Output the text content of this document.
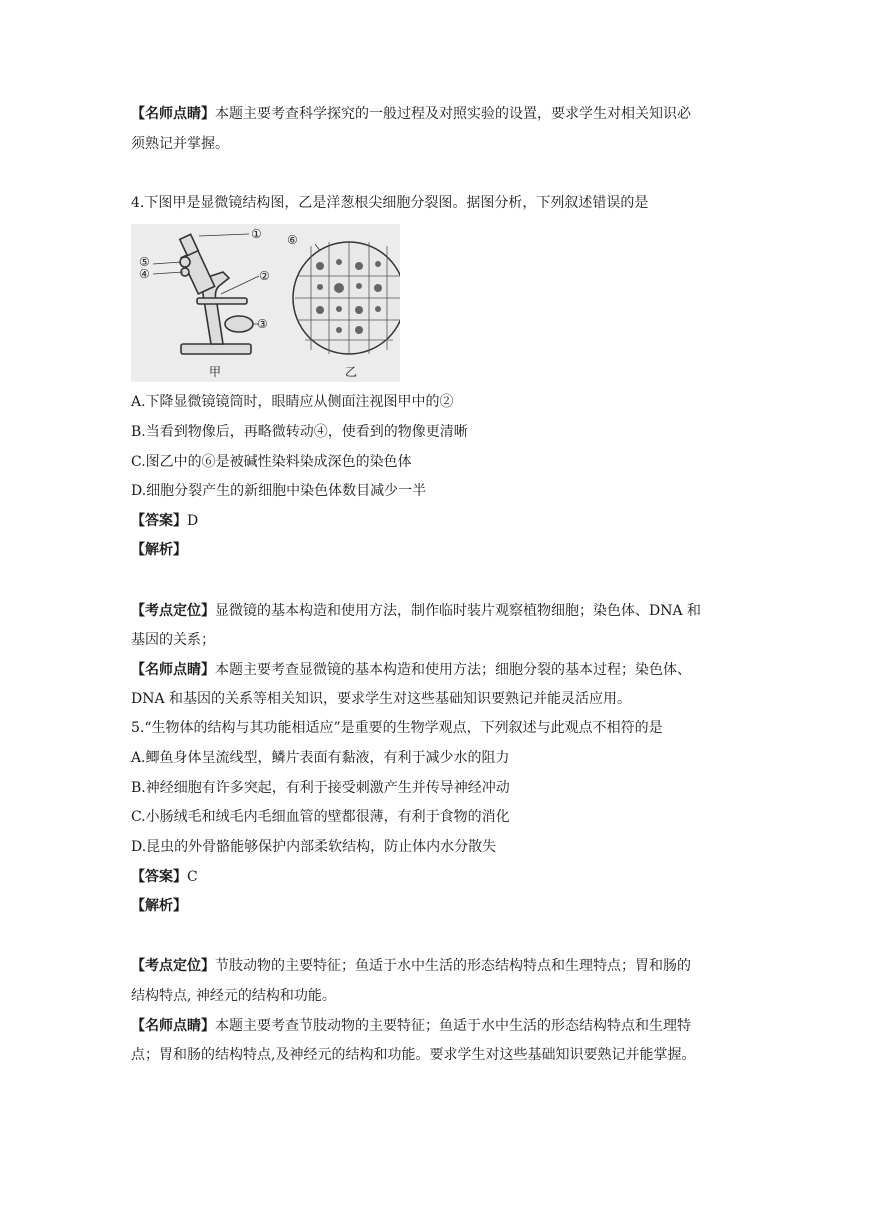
【名师点睛】本题主要考查科学探究的一般过程及对照实验的设置，要求学生对相关知识必
须熟记并掌握。
4.下图甲是显微镜结构图，乙是洋葱根尖细胞分裂图。据图分析，下列叙述错误的是
①
②
③
④
⑤
⑥
甲	乙
A.下降显微镜镜筒时，眼睛应从侧面注视图甲中的②
B.当看到物像后，再略微转动④，使看到的物像更清晰
C.图乙中的⑥是被碱性染料染成深色的染色体
D.细胞分裂产生的新细胞中染色体数目减少一半
【答案】D
【解析】
【考点定位】显微镜的基本构造和使用方法，制作临时装片观察植物细胞；染色体、DNA 和
基因的关系；
【名师点睛】本题主要考查显微镜的基本构造和使用方法；细胞分裂的基本过程；染色体、
DNA 和基因的关系等相关知识，要求学生对这些基础知识要熟记并能灵活应用。
5.“生物体的结构与其功能相适应”是重要的生物学观点，下列叙述与此观点不相符的是
A.鲫鱼身体呈流线型，鳞片表面有黏液，有利于减少水的阻力
B.神经细胞有许多突起，有利于接受刺激产生并传导神经冲动
C.小肠绒毛和绒毛内毛细血管的壁都很薄，有利于食物的消化
D.昆虫的外骨骼能够保护内部柔软结构，防止体内水分散失
【答案】C
【解析】
【考点定位】节肢动物的主要特征；鱼适于水中生活的形态结构特点和生理特点；胃和肠的
结构特点, 神经元的结构和功能。
【名师点睛】本题主要考查节肢动物的主要特征；鱼适于水中生活的形态结构特点和生理特
点；胃和肠的结构特点,及神经元的结构和功能。要求学生对这些基础知识要熟记并能掌握。
